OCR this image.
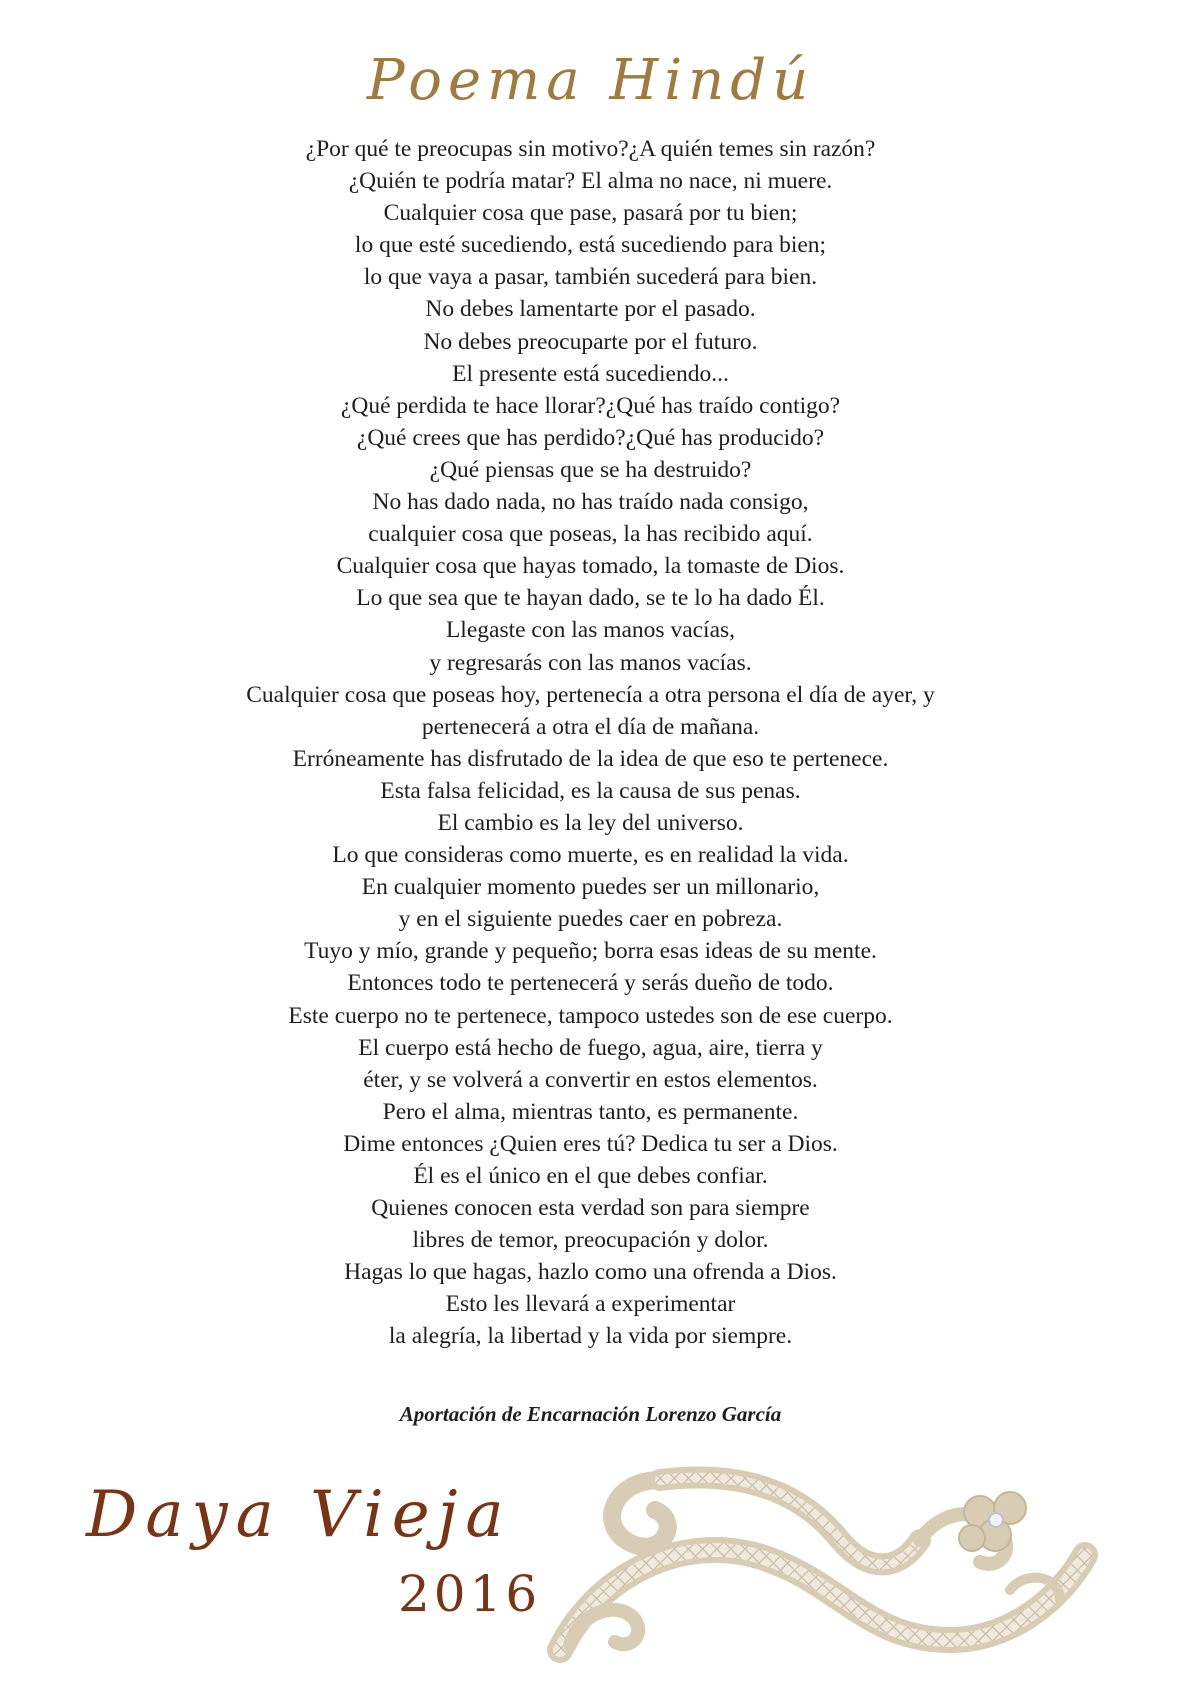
Poema Hindú
¿Por qué te preocupas sin motivo?¿A quién temes sin razón?
¿Quién te podría matar? El alma no nace, ni muere.
Cualquier cosa que pase, pasará por tu bien;
lo que esté sucediendo, está sucediendo para bien;
lo que vaya a pasar, también sucederá para bien.
No debes lamentarte por el pasado.
No debes preocuparte por el futuro.
El presente está sucediendo...
¿Qué perdida te hace llorar?¿Qué has traído contigo?
¿Qué crees que has perdido?¿Qué has producido?
¿Qué piensas que se ha destruido?
No has dado nada, no has traído nada consigo,
cualquier cosa que poseas, la has recibido aquí.
Cualquier cosa que hayas tomado, la tomaste de Dios.
Lo que sea que te hayan dado, se te lo ha dado Él.
Llegaste con las manos vacías,
y regresarás con las manos vacías.
Cualquier cosa que poseas hoy, pertenecía a otra persona el día de ayer, y
pertenecerá a otra el día de mañana.
Erróneamente has disfrutado de la idea de que eso te pertenece.
Esta falsa felicidad, es la causa de sus penas.
El cambio es la ley del universo.
Lo que consideras como muerte, es en realidad la vida.
En cualquier momento puedes ser un millonario,
y en el siguiente puedes caer en pobreza.
Tuyo y mío, grande y pequeño; borra esas ideas de su mente.
Entonces todo te pertenecerá y serás dueño de todo.
Este cuerpo no te pertenece, tampoco ustedes son de ese cuerpo.
El cuerpo está hecho de fuego, agua, aire, tierra y
éter, y se volverá a convertir en estos elementos.
Pero el alma, mientras tanto, es permanente.
Dime entonces ¿Quien eres tú? Dedica tu ser a Dios.
Él es el único en el que debes confiar.
Quienes conocen esta verdad son para siempre
libres de temor, preocupación y dolor.
Hagas lo que hagas, hazlo como una ofrenda a Dios.
Esto les llevará a experimentar
la alegría, la libertad y la vida por siempre.
Aportación de Encarnación Lorenzo García
Daya Vieja
2016
